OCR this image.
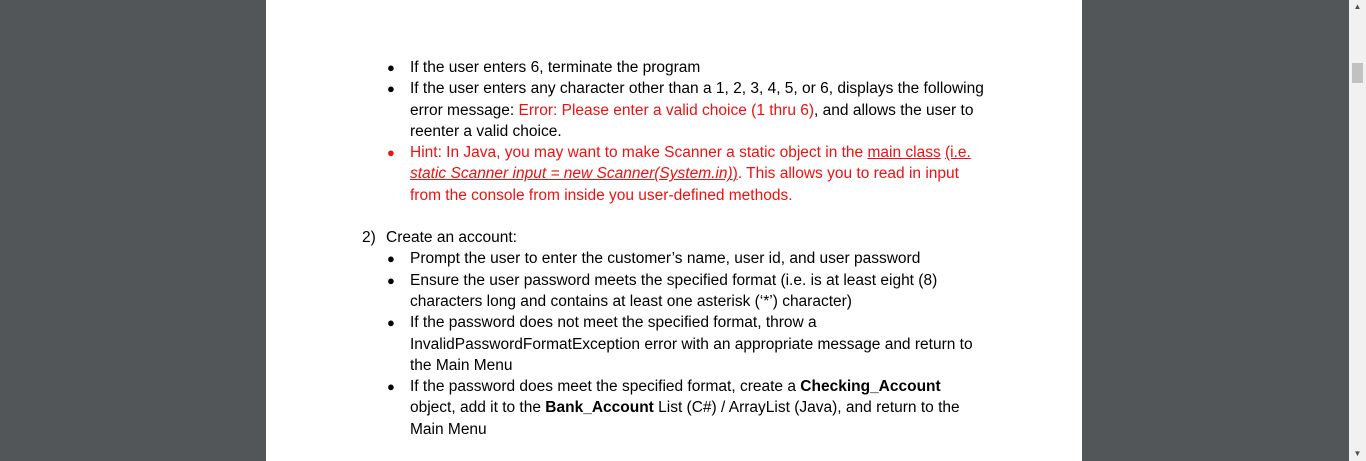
● If the user enters 6, terminate the program
● If the user enters any character other than a 1, 2, 3, 4, 5, or 6, displays the following error message: Error: Please enter a valid choice (1 thru 6), and allows the user to reenter a valid choice.
● Hint: In Java, you may want to make Scanner a static object in the main class (i.e. static Scanner input = new Scanner(System.in)). This allows you to read in input from the console from inside you user-defined methods.
2) Create an account:
● Prompt the user to enter the customer’s name, user id, and user password
● Ensure the user password meets the specified format (i.e. is at least eight (8) characters long and contains at least one asterisk (‘*’) character)
● If the password does not meet the specified format, throw a InvalidPasswordFormatException error with an appropriate message and return to the Main Menu
● If the password does meet the specified format, create a Checking_Account object, add it to the Bank_Account List (C#) / ArrayList (Java), and return to the Main Menu
▲
▼
